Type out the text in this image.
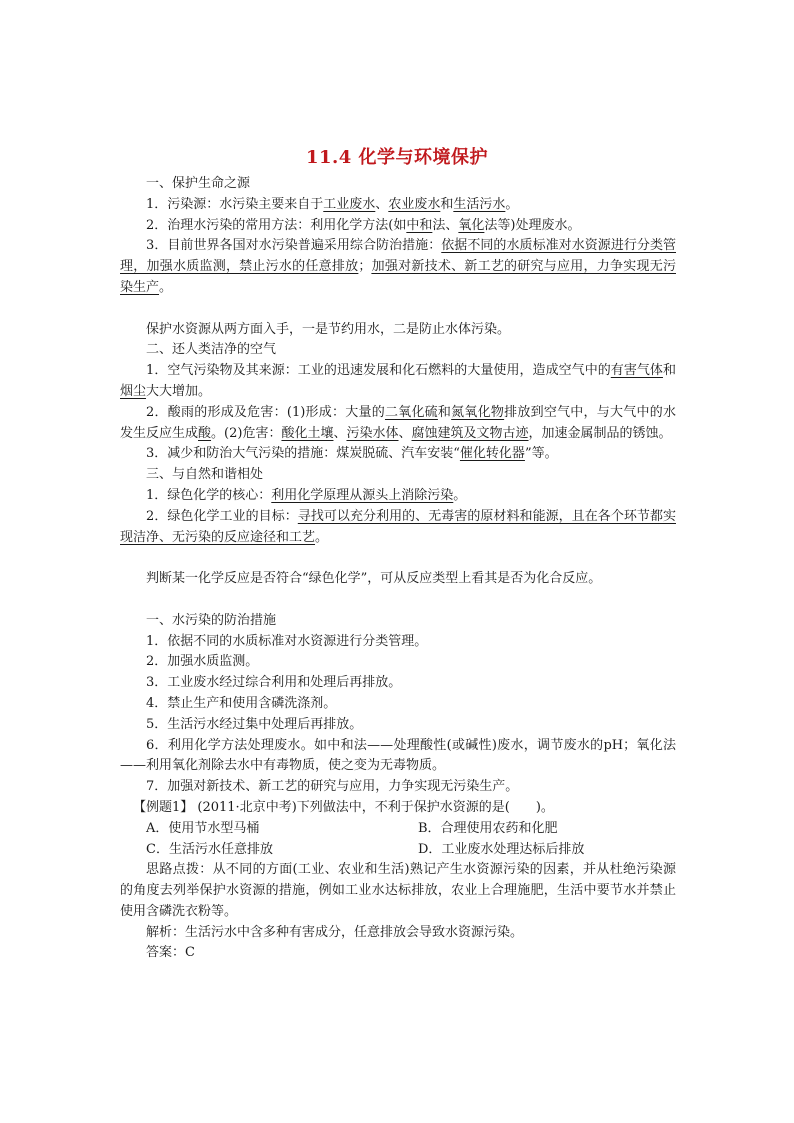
11.4 化学与环境保护
一、保护生命之源
1．污染源：水污染主要来自于工业废水、农业废水和生活污水。
2．治理水污染的常用方法：利用化学方法(如中和法、氧化法等)处理废水。
3．目前世界各国对水污染普遍采用综合防治措施：依据不同的水质标准对水资源进行分类管理，加强水质监测，禁止污水的任意排放；加强对新技术、新工艺的研究与应用，力争实现无污染生产。
保护水资源从两方面入手，一是节约用水，二是防止水体污染。
二、还人类洁净的空气
1．空气污染物及其来源：工业的迅速发展和化石燃料的大量使用，造成空气中的有害气体和烟尘大大增加。
2．酸雨的形成及危害：(1)形成：大量的二氧化硫和氮氧化物排放到空气中，与大气中的水发生反应生成酸。(2)危害：酸化土壤、污染水体、腐蚀建筑及文物古迹，加速金属制品的锈蚀。
3．减少和防治大气污染的措施：煤炭脱硫、汽车安装“催化转化器”等。
三、与自然和谐相处
1．绿色化学的核心：利用化学原理从源头上消除污染。
2．绿色化学工业的目标：寻找可以充分利用的、无毒害的原材料和能源，且在各个环节都实现洁净、无污染的反应途径和工艺。
判断某一化学反应是否符合“绿色化学”，可从反应类型上看其是否为化合反应。
一、水污染的防治措施
1．依据不同的水质标准对水资源进行分类管理。
2．加强水质监测。
3．工业废水经过综合利用和处理后再排放。
4．禁止生产和使用含磷洗涤剂。
5．生活污水经过集中处理后再排放。
6．利用化学方法处理废水。如中和法——处理酸性(或碱性)废水，调节废水的pH；氧化法——利用氧化剂除去水中有毒物质，使之变为无毒物质。
7．加强对新技术、新工艺的研究与应用，力争实现无污染生产。
【例题1】 (2011·北京中考)下列做法中，不利于保护水资源的是(　　)。
A．使用节水型马桶	B．合理使用农药和化肥
C．生活污水任意排放	D．工业废水处理达标后排放
思路点拨：从不同的方面(工业、农业和生活)熟记产生水资源污染的因素，并从杜绝污染源的角度去列举保护水资源的措施，例如工业水达标排放，农业上合理施肥，生活中要节水并禁止使用含磷洗衣粉等。
解析：生活污水中含多种有害成分，任意排放会导致水资源污染。
答案：C
